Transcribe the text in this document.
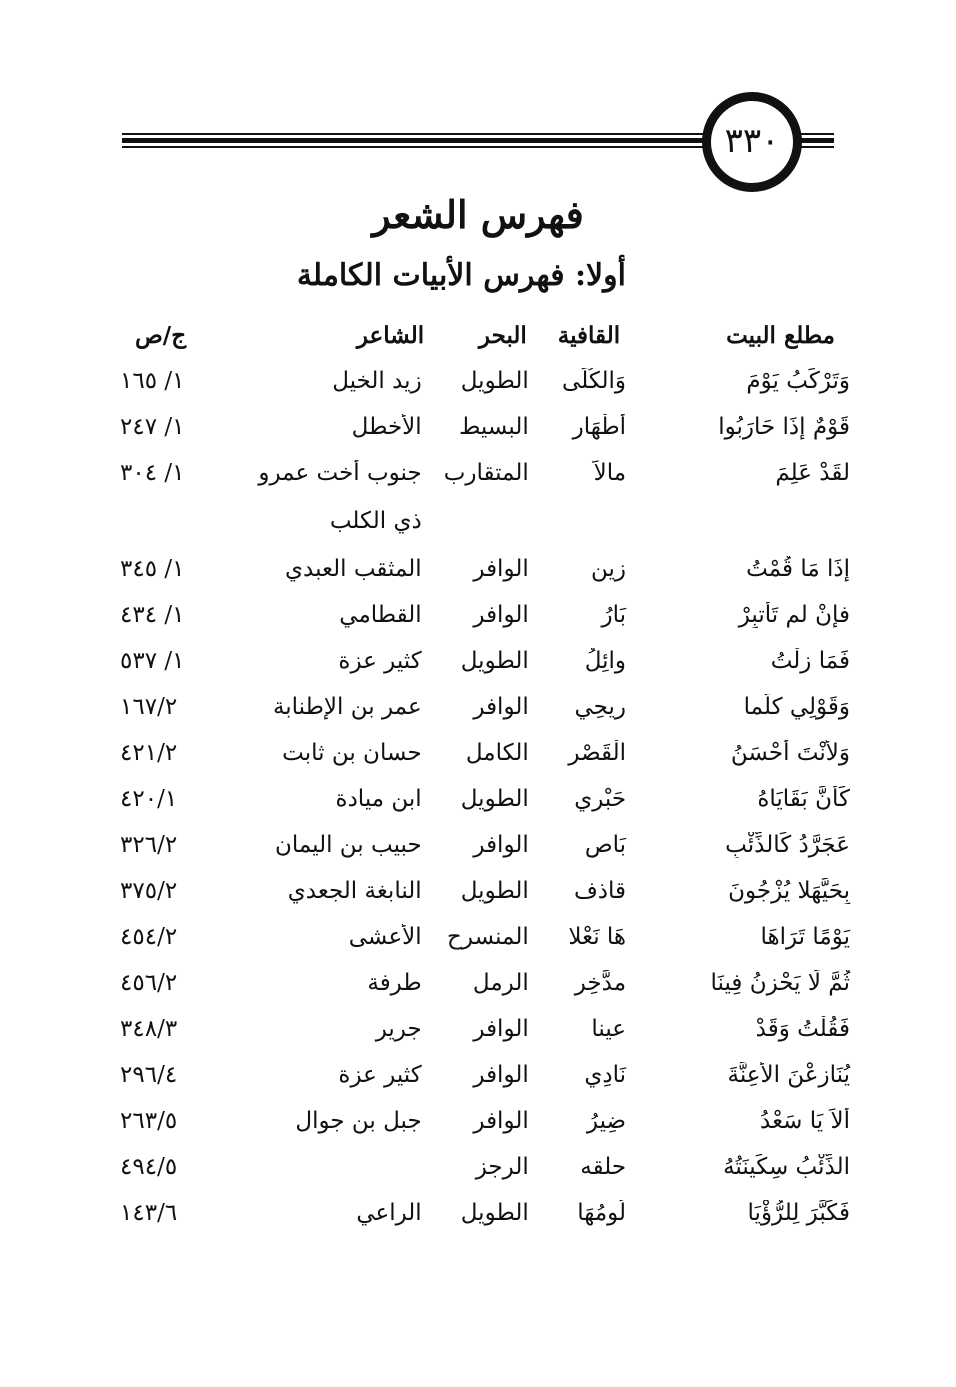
٣٣٠
فهرس الشعر
أولا: فهرس الأبيات الكاملة
مطلع البيت
القافية
البحر
الشاعر
ج/ص
وَتَرْكَبُ يَوْمَ
وَالكُلَى
الطويل
زيد الخيل
١/ ١٦٥
قَوْمٌ إِذَا حَارَبُوا
أَطْهَار
البسيط
الأخطل
١/ ٢٤٧
لقَدْ عَلِمَ
مالاً
المتقارب
جنوب أخت عمرو
١/ ٣٠٤
ذي الكلب
إِذَا مَا قُمْتُ
زِينِ
الوافر
المثقب العبدي
١/ ٣٤٥
فإِنْ لم تَأْتبِرْ
بَارُ
الوافر
القطامي
١/ ٤٣٤
فَمَا زِلْتُ
وائِلُ
الطويل
كثير عزة
١/ ٥٣٧
وَقَوْلِي كلَّما
رِيحِي
الوافر
عمر بن الإطنابة
١٦٧/٢
وَلأَنْتَ أَحْسَنُ
الْقَصْرِ
الكامل
حسان بن ثابت
٤٢١/٢
كَأَنَّ بَقَايَاهُ
حَبْرِي
الطويل
ابن ميادة
٤٢٠/١
عَجَرَّدُ كَالذِّئْبِ
بَاصِ
الوافر
حبيب بن اليمان
٣٢٦/٢
بِحَيَّهَلا يُزْجُونَ
قاذف
الطويل
النابغة الجعدي
٣٧٥/٢
يَوْمًا تَرَاهَا
هَا نَعْلا
المنسرح
الأعشى
٤٥٤/٢
ثُمَّ لَا يَحْزِنُ فِينَا
مدَّخِر
الرمل
طرفة
٤٥٦/٢
فَقُلْتُ وَقَدْ
عينا
الوافر
جرير
٣٤٨/٣
يُنَازِعْنَ الأَعِنَّةَ
نَادِي
الوافر
كثير عزة
٢٩٦/٤
أَلاَ يَا سَعْدُ
ضِيرُ
الوافر
جبل بن جوال
٢٦٣/٥
الذِّئْبُ سِكِّينَتُهُ
حلقه
الرجز
٤٩٤/٥
فَكَبَّرَ لِلرُّؤْيَا
لُومُهَا
الطويل
الراعي
١٤٣/٦
